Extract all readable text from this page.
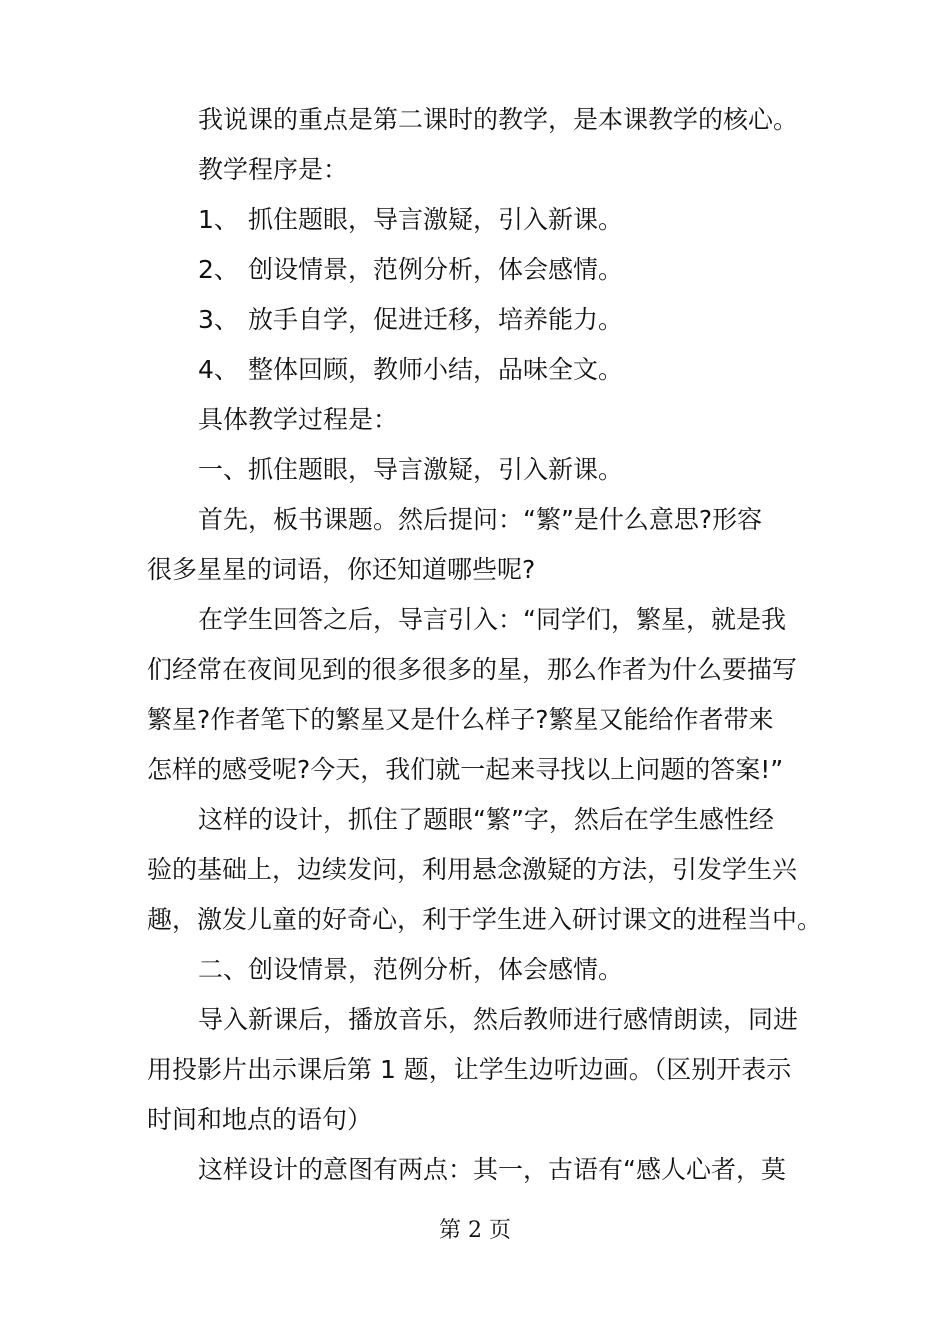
我说课的重点是第二课时的教学，是本课教学的核心。
教学程序是：
1、 抓住题眼，导言激疑，引入新课。
2、 创设情景，范例分析，体会感情。
3、 放手自学，促进迁移，培养能力。
4、 整体回顾，教师小结，品味全文。
具体教学过程是：
一、抓住题眼，导言激疑，引入新课。
首先，板书课题。然后提问：“繁”是什么意思?形容
很多星星的词语，你还知道哪些呢?
在学生回答之后，导言引入：“同学们，繁星，就是我
们经常在夜间见到的很多很多的星，那么作者为什么要描写
繁星?作者笔下的繁星又是什么样子?繁星又能给作者带来
怎样的感受呢?今天，我们就一起来寻找以上问题的答案!”
这样的设计，抓住了题眼“繁”字，然后在学生感性经
验的基础上，边续发问，利用悬念激疑的方法，引发学生兴
趣，激发儿童的好奇心，利于学生进入研讨课文的进程当中。
二、创设情景，范例分析，体会感情。
导入新课后，播放音乐，然后教师进行感情朗读，同进
用投影片出示课后第 1 题，让学生边听边画。（区别开表示
时间和地点的语句）
这样设计的意图有两点：其一，古语有“感人心者，莫
第 2 页
